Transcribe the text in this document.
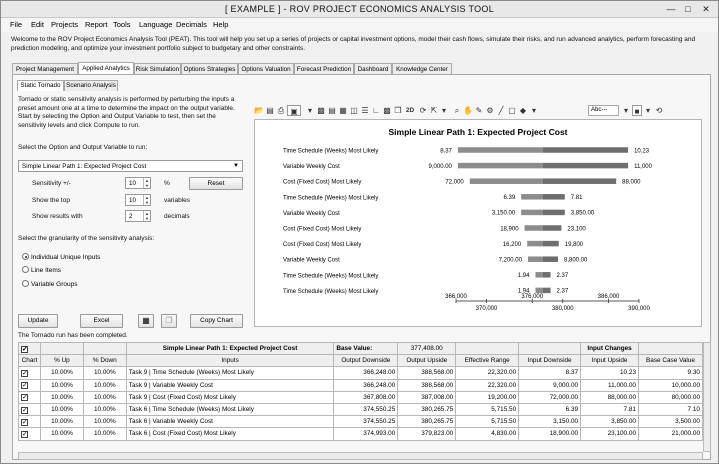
[ EXAMPLE ] - ROV PROJECT ECONOMICS ANALYSIS TOOL	—	□	✕
File Edit Projects Report Tools Language Decimals Help
Welcome to the ROV Project Economics Analysis Tool (PEAT). This tool will help you set up a series of projects or capital investment options, model their cash flows, simulate their risks, and run advanced analytics, perform forecasting and prediction modeling, and optimize your investment portfolio subject to budgetary and other constraints.
Project Management	Applied Analytics Risk Simulation Options Strategies Options Valuation Forecast Prediction	Dashboard	Knowledge Center
Static Tornado Scenario Analysis
Tornado or static sensitivity analysis is performed by perturbing the inputs a
preset amount one at a time to determine the impact on the output variable.
Start by selecting the Option and Output Variable to test, then set the
sensitivity levels and click Compute to run.
Select the Option and Output Variable to run:
Simple Linear Path 1: Expected Project Cost	▼
Sensitivity +/-	10	▲
▼ %	Reset
Show the top	10	▲
▼ variables
Show results with	2	▲
▼ decimals
Select the granularity of the sensitivity analysis:
Individual Unique Inputs
Line Items
Variable Groups
Update	Excel	▦	❐	Copy Chart
The Tornado run has been completed.
📂 ▤ ⎙ ▣	▾ ▩ ▤ ▦ ◫ ☰ ∟ ▩ ❐ 2D ⟳ ⇱ ▾	⌕ ✋ ✎ ⚙ ╱ ▢ ◆ ▾	Abc---	▾ ■ ▾ ⟲
Simple Linear Path 1: Expected Project Cost
Time Schedule (Weeks) Most Likely	8.37	10.23
Variable Weekly Cost	9,000.00	11,000
Cost (Fixed Cost) Most Likely	72,000	88,000
Time Schedule (Weeks) Most Likely	6.39	7.81
Variable Weekly Cost	3,150.00	3,850.00
Cost (Fixed Cost) Most Likely	18,900	23,100
Cost (Fixed Cost) Most Likely	16,200	19,800
Variable Weekly Cost	7,200.00	8,800.00
Time Schedule (Weeks) Most Likely	1.94	2.37
Time Schedule (Weeks) Most Likely	1.94	2.37
366,000	376,000	386,000
370,000	380,000	390,000
✓			Simple Linear Path 1: Expected Project Cost	Base Value:	377,408.00			Input Changes	
Chart	% Up	% Down	Inputs	Output Downside	Output Upside	Effective Range	Input Downside	Input Upside	Base Case Value
✓	10.00%	10.00%	Task 9 | Time Schedule (Weeks) Most Likely	366,248.00	388,568.00	22,320.00	8.37	10.23	9.30
✓	10.00%	10.00%	Task 9 | Variable Weekly Cost	366,248.00	388,568.00	22,320.00	9,000.00	11,000.00	10,000.00
✓	10.00%	10.00%	Task 9 | Cost (Fixed Cost) Most Likely	367,808.00	387,008.00	19,200.00	72,000.00	88,000.00	80,000.00
✓	10.00%	10.00%	Task 6 | Time Schedule (Weeks) Most Likely	374,550.25	380,265.75	5,715.50	6.39	7.81	7.10
✓	10.00%	10.00%	Task 6 | Variable Weekly Cost	374,550.25	380,265.75	5,715.50	3,150.00	3,850.00	3,500.00
✓	10.00%	10.00%	Task 6 | Cost (Fixed Cost) Most Likely	374,993.00	379,823.00	4,830.00	18,900.00	23,100.00	21,000.00
